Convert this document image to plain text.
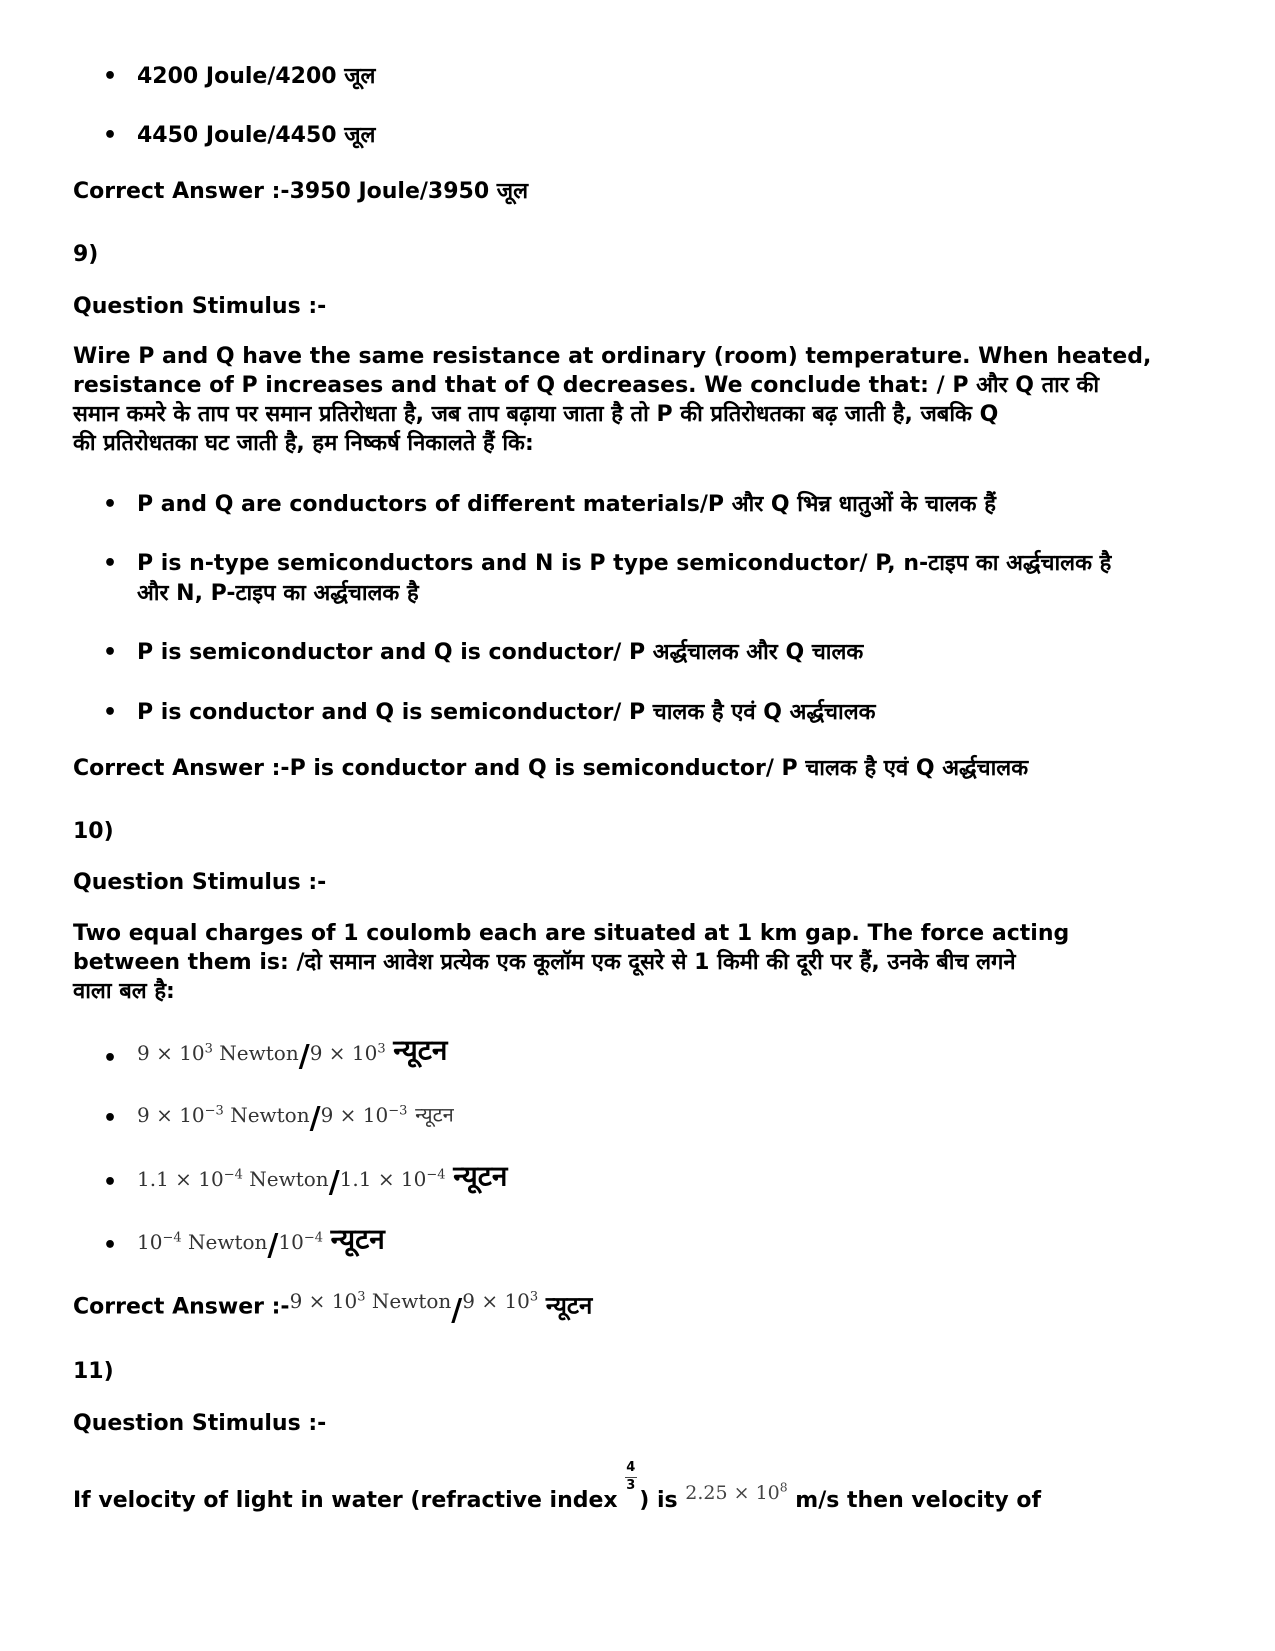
• 4200 Joule/4200 जूल
• 4450 Joule/4450 जूल
Correct Answer :-3950 Joule/3950 जूल
9)
Question Stimulus :-
Wire P and Q have the same resistance at ordinary (room) temperature. When heated,
resistance of P increases and that of Q decreases. We conclude that: / P और Q तार की
समान कमरे के ताप पर समान प्रतिरोधता है, जब ताप बढ़ाया जाता है तो P की प्रतिरोधतका बढ़ जाती है, जबकि Q
की प्रतिरोधतका घट जाती है, हम निष्कर्ष निकालते हैं कि:
• P and Q are conductors of different materials/P और Q भिन्न धातुओं के चालक हैं
• P is n-type semiconductors and N is P type semiconductor/ P, n-टाइप का अर्द्धचालक है
और N, P-टाइप का अर्द्धचालक है
• P is semiconductor and Q is conductor/ P अर्द्धचालक और Q चालक
• P is conductor and Q is semiconductor/ P चालक है एवं Q अर्द्धचालक
Correct Answer :-P is conductor and Q is semiconductor/ P चालक है एवं Q अर्द्धचालक
10)
Question Stimulus :-
Two equal charges of 1 coulomb each are situated at 1 km gap. The force acting
between them is: /दो समान आवेश प्रत्येक एक कूलॉम एक दूसरे से 1 किमी की दूरी पर हैं, उनके बीच लगने
वाला बल है:
• $9 \times 10^3$ Newton/9 × $10^3$ न्यूटन
• $9 \times 10^{-3}$ Newton/9 × $10^{-3}$ न्यूटन
• $1.1 \times 10^{-4}$ Newton/1.1 × $10^{-4}$ न्यूटन
• $10^{-4}$ Newton/$10^{-4}$ न्यूटन
Correct Answer :-9 × $10^3$ Newton/9 × $10^3$ न्यूटन
11)
Question Stimulus :-
If velocity of light in water (refractive index $\frac{4}{3}$ ) is $2.25 \times 10^8$ m/s then velocity of
